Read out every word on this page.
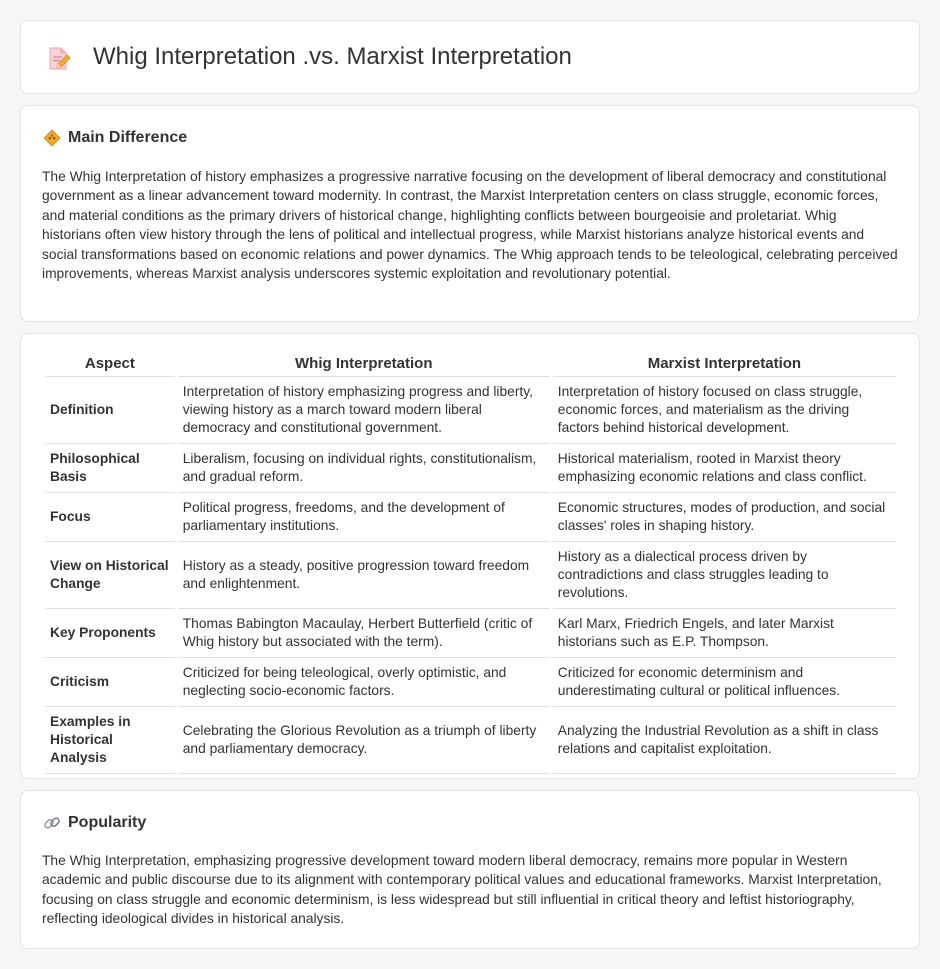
Whig Interpretation .vs. Marxist Interpretation
Main Difference

The Whig Interpretation of history emphasizes a progressive narrative focusing on the development of liberal democracy and constitutional government as a linear advancement toward modernity. In contrast, the Marxist Interpretation centers on class struggle, economic forces, and material conditions as the primary drivers of historical change, highlighting conflicts between bourgeoisie and proletariat. Whig historians often view history through the lens of political and intellectual progress, while Marxist historians analyze historical events and social transformations based on economic relations and power dynamics. The Whig approach tends to be teleological, celebrating perceived improvements, whereas Marxist analysis underscores systemic exploitation and revolutionary potential.

Aspect	Whig Interpretation	Marxist Interpretation
Definition	Interpretation of history emphasizing progress and liberty, viewing history as a march toward modern liberal democracy and constitutional government.	Interpretation of history focused on class struggle, economic forces, and materialism as the driving factors behind historical development.
Philosophical Basis	Liberalism, focusing on individual rights, constitutionalism, and gradual reform.	Historical materialism, rooted in Marxist theory emphasizing economic relations and class conflict.
Focus	Political progress, freedoms, and the development of parliamentary institutions.	Economic structures, modes of production, and social classes' roles in shaping history.
View on Historical Change	History as a steady, positive progression toward freedom and enlightenment.	History as a dialectical process driven by contradictions and class struggles leading to revolutions.
Key Proponents	Thomas Babington Macaulay, Herbert Butterfield (critic of Whig history but associated with the term).	Karl Marx, Friedrich Engels, and later Marxist historians such as E.P. Thompson.
Criticism	Criticized for being teleological, overly optimistic, and neglecting socio-economic factors.	Criticized for economic determinism and underestimating cultural or political influences.
Examples in Historical Analysis	Celebrating the Glorious Revolution as a triumph of liberty and parliamentary democracy.	Analyzing the Industrial Revolution as a shift in class relations and capitalist exploitation.
Popularity

The Whig Interpretation, emphasizing progressive development toward modern liberal democracy, remains more popular in Western academic and public discourse due to its alignment with contemporary political values and educational frameworks. Marxist Interpretation, focusing on class struggle and economic determinism, is less widespread but still influential in critical theory and leftist historiography, reflecting ideological divides in historical analysis.
